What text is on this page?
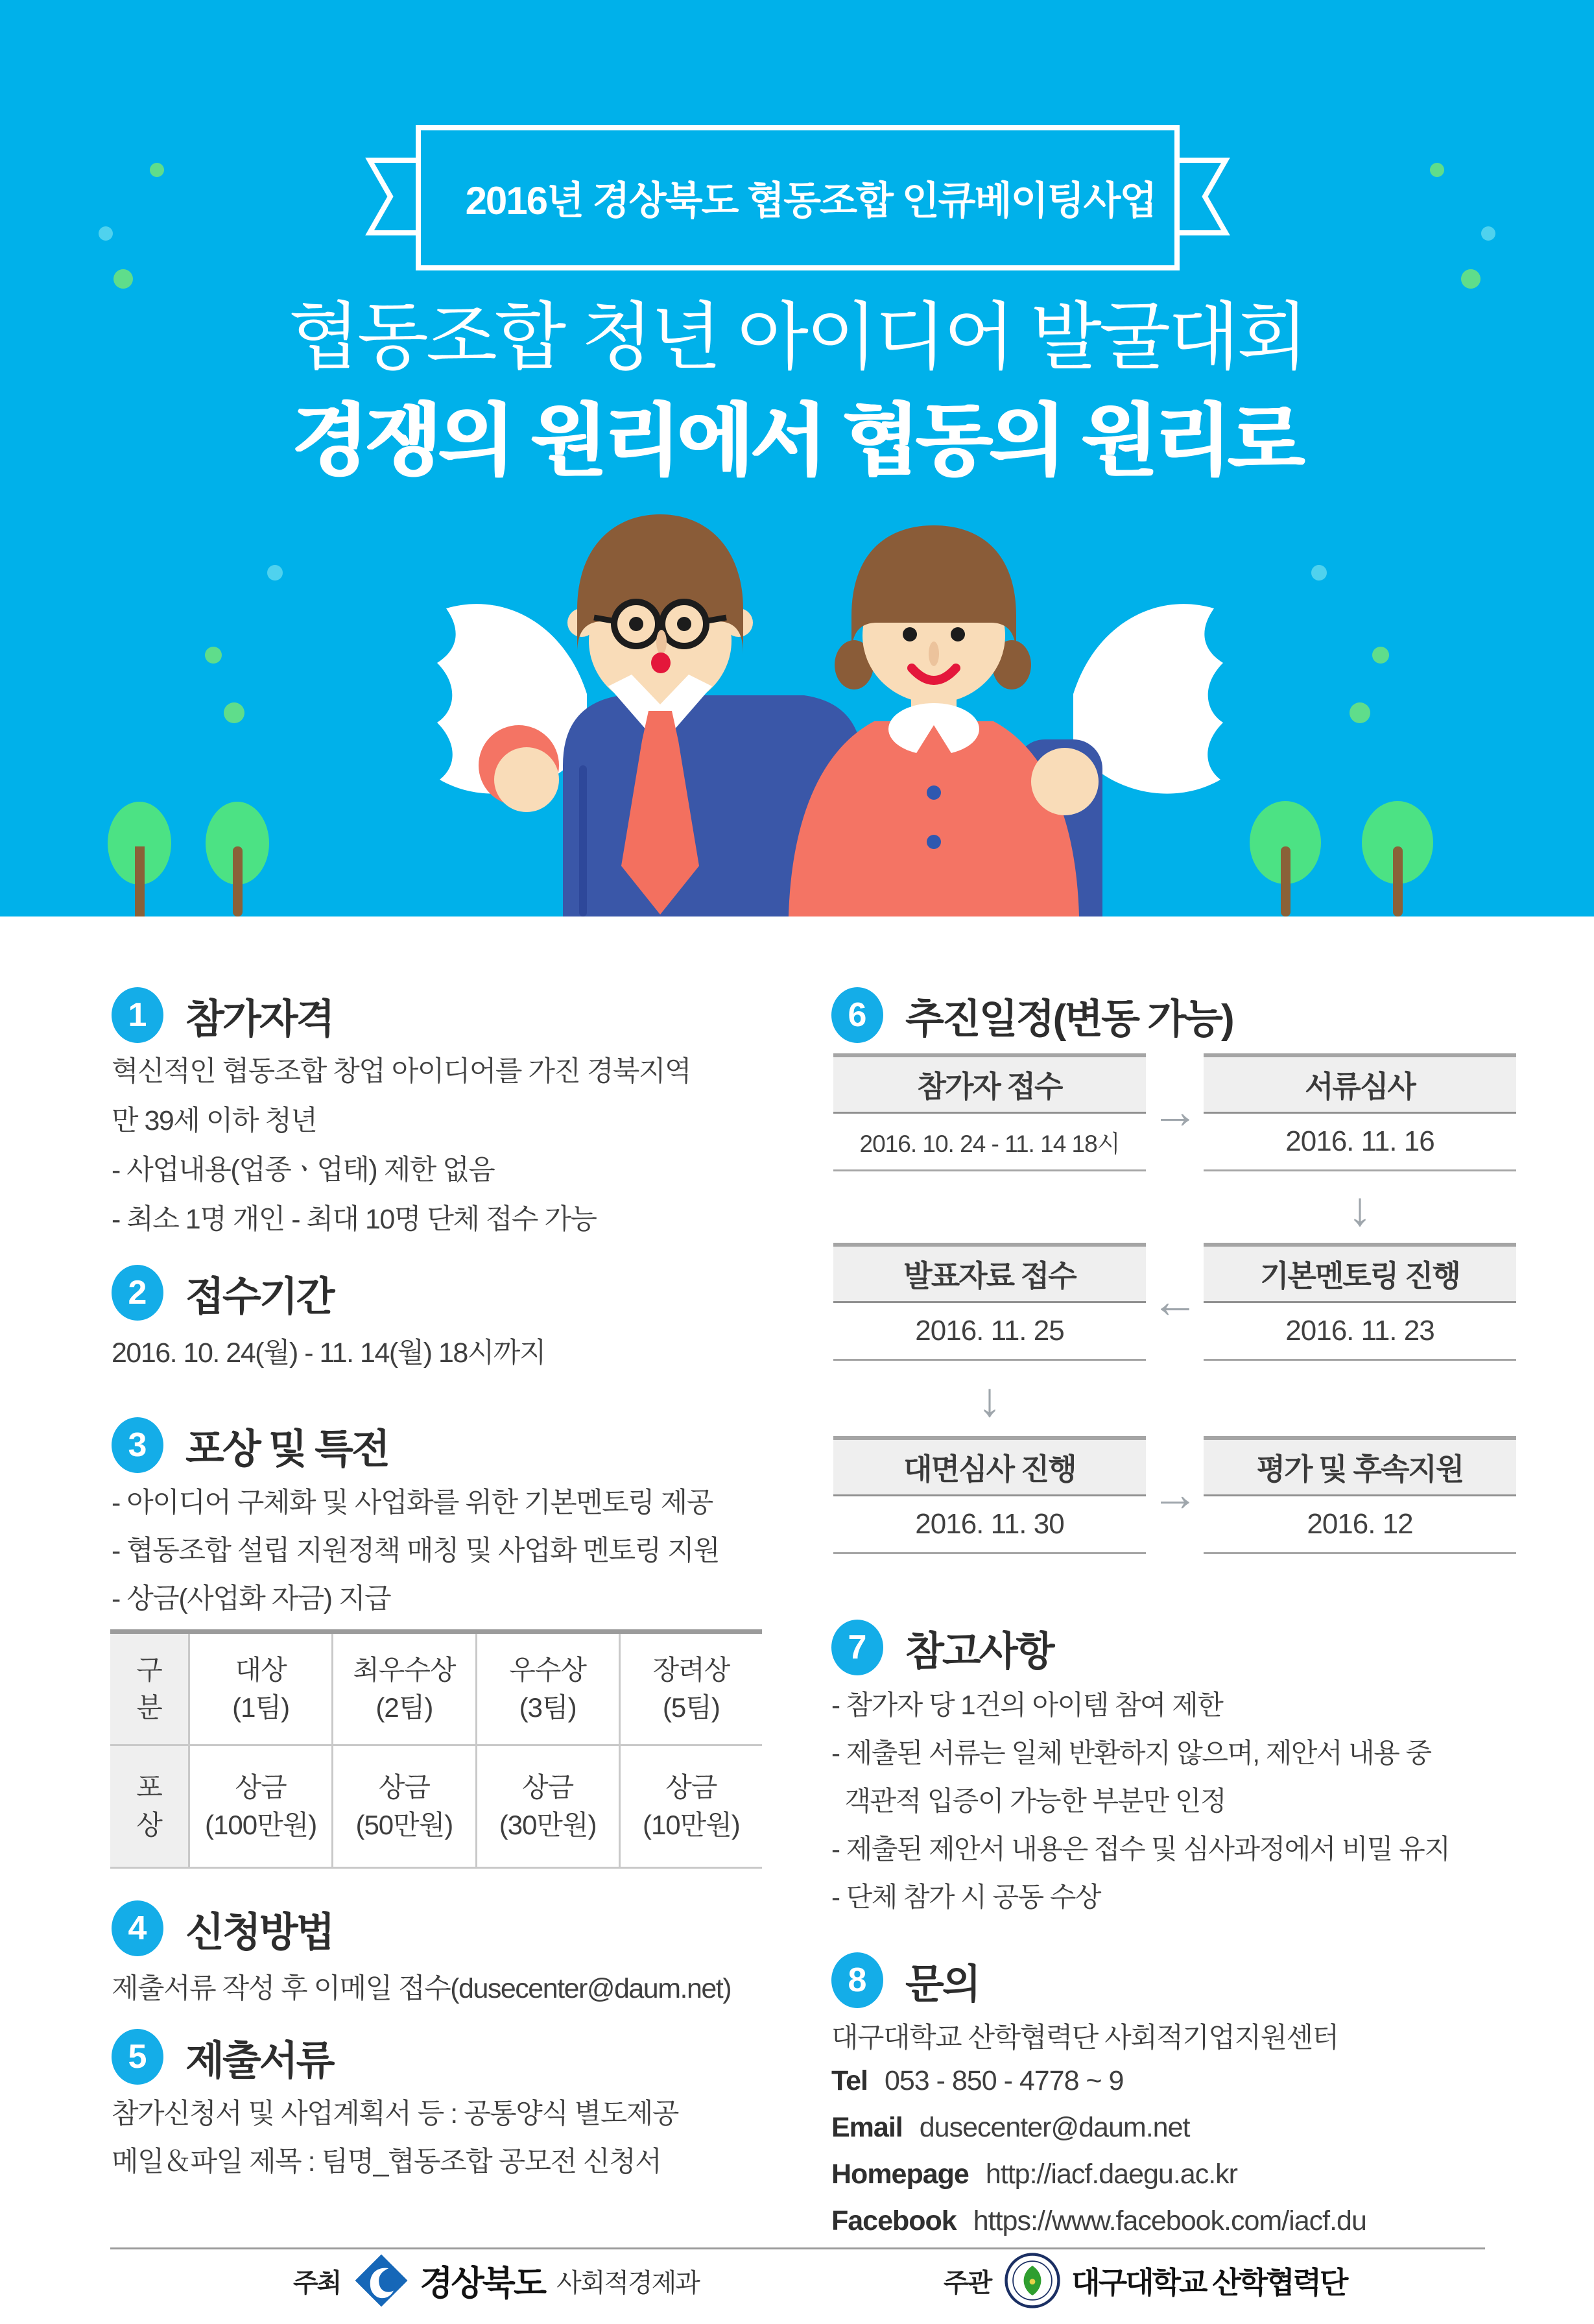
2016년 경상북도 협동조합 인큐베이팅사업
협동조합 청년 아이디어 발굴대회
경쟁의 원리에서 협동의 원리로
1 참가자격
혁신적인 협동조합 창업 아이디어를 가진 경북지역
만 39세 이하 청년
- 사업내용(업종ㆍ업태) 제한 없음
- 최소 1명 개인 - 최대 10명 단체 접수 가능
2 접수기간
2016. 10. 24(월) - 11. 14(월) 18시까지
3 포상 및 특전
- 아이디어 구체화 및 사업화를 위한 기본멘토링 제공
- 협동조합 설립 지원정책 매칭 및 사업화 멘토링 지원
- 상금(사업화 자금) 지급
구
분
대상
(1팀)
최우수상
(2팀)
우수상
(3팀)
장려상
(5팀)
포
상
상금
(100만원)
상금
(50만원)
상금
(30만원)
상금
(10만원)
4 신청방법
제출서류 작성 후 이메일 접수(dusecenter@daum.net)
5 제출서류
참가신청서 및 사업계획서 등 : 공통양식 별도제공
메일＆파일 제목 : 팀명_협동조합 공모전 신청서
6 추진일정(변동 가능)
참가자 접수
2016. 10. 24 - 11. 14 18시
서류심사
2016. 11. 16
발표자료 접수
2016. 11. 25
기본멘토링 진행
2016. 11. 23
대면심사 진행
2016. 11. 30
평가 및 후속지원
2016. 12
→
↓
←
↓
→
7 참고사항
- 참가자 당 1건의 아이템 참여 제한
- 제출된 서류는 일체 반환하지 않으며, 제안서 내용 중
객관적 입증이 가능한 부분만 인정
- 제출된 제안서 내용은 접수 및 심사과정에서 비밀 유지
- 단체 참가 시 공동 수상
8 문의
대구대학교 산학협력단 사회적기업지원센터
Tel 053 - 850 - 4778 ~ 9
Email dusecenter@daum.net
Homepage http://iacf.daegu.ac.kr
Facebook https://www.facebook.com/iacf.du
주최 경상북도 사회적경제과	주관	대구대학교 산학협력단
